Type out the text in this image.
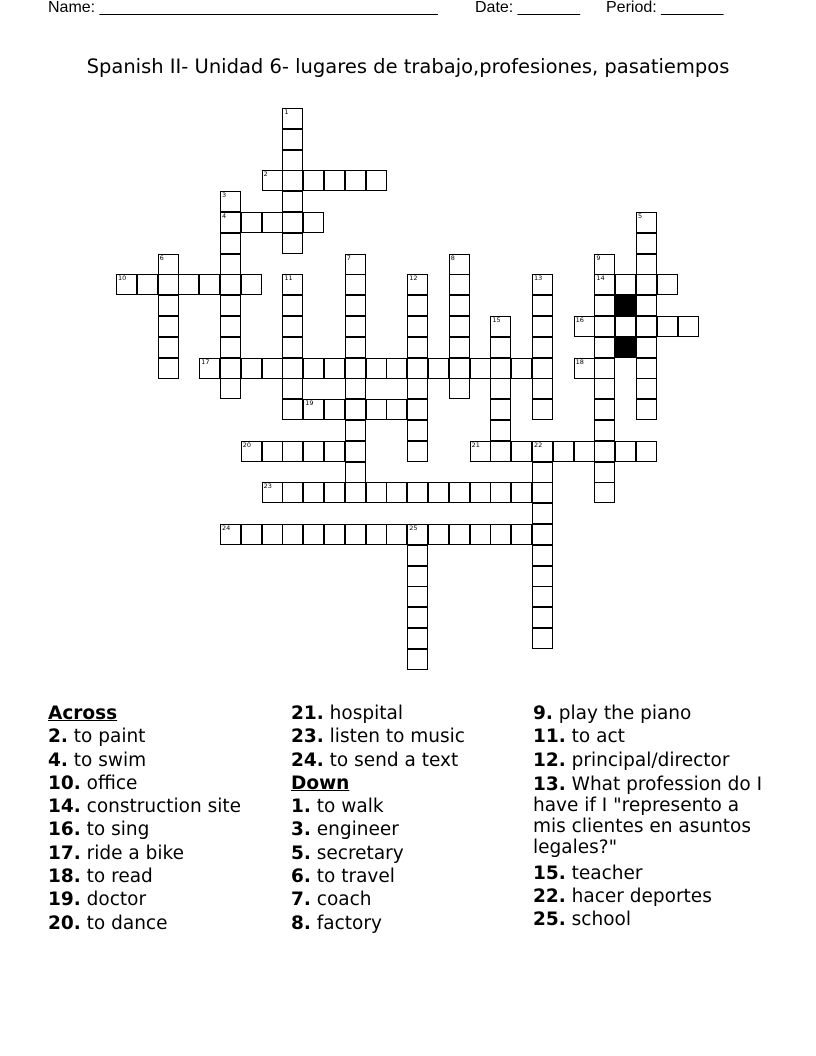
Name: ______________________________________ Date: _______ Period: _______
Spanish II- Unidad 6- lugares de trabajo,profesiones, pasatiempos
1
2
3
4	5
6	7	8	9
14
10	11	12	13
15	16
17	18
19
20	21	22
23
24	25

Across

2. to paint

4. to swim

10. office

14. construction site

16. to sing

17. ride a bike

18. to read

19. doctor

20. to dance

21. hospital

23. listen to music

24. to send a text

Down

1. to walk

3. engineer

5. secretary

6. to travel

7. coach

8. factory

9. play the piano

11. to act

12. principal/director

13. What profession do I have if I "represento a mis clientes en asuntos legales?"

15. teacher

22. hacer deportes

25. school
